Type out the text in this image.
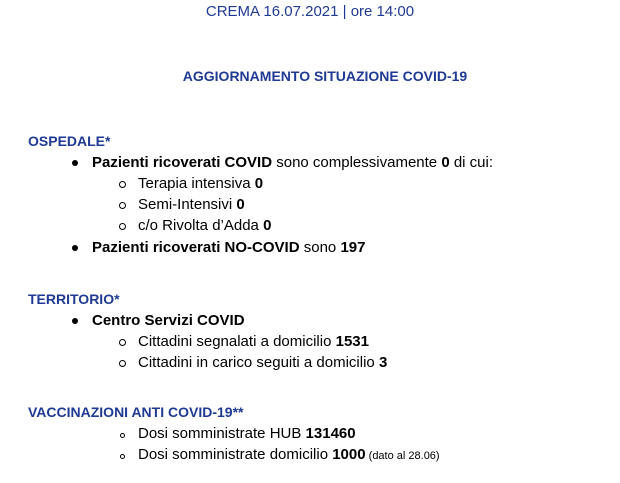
CREMA 16.07.2021 | ore 14:00
AGGIORNAMENTO SITUAZIONE COVID-19
OSPEDALE*
Pazienti ricoverati COVID sono complessivamente 0 di cui:
Terapia intensiva 0
Semi-Intensivi 0
c/o Rivolta d’Adda 0
Pazienti ricoverati NO-COVID sono 197
TERRITORIO*
Centro Servizi COVID
Cittadini segnalati a domicilio 1531
Cittadini in carico seguiti a domicilio 3
VACCINAZIONI ANTI COVID-19**
Dosi somministrate HUB 131460
Dosi somministrate domicilio 1000 (dato al 28.06)
